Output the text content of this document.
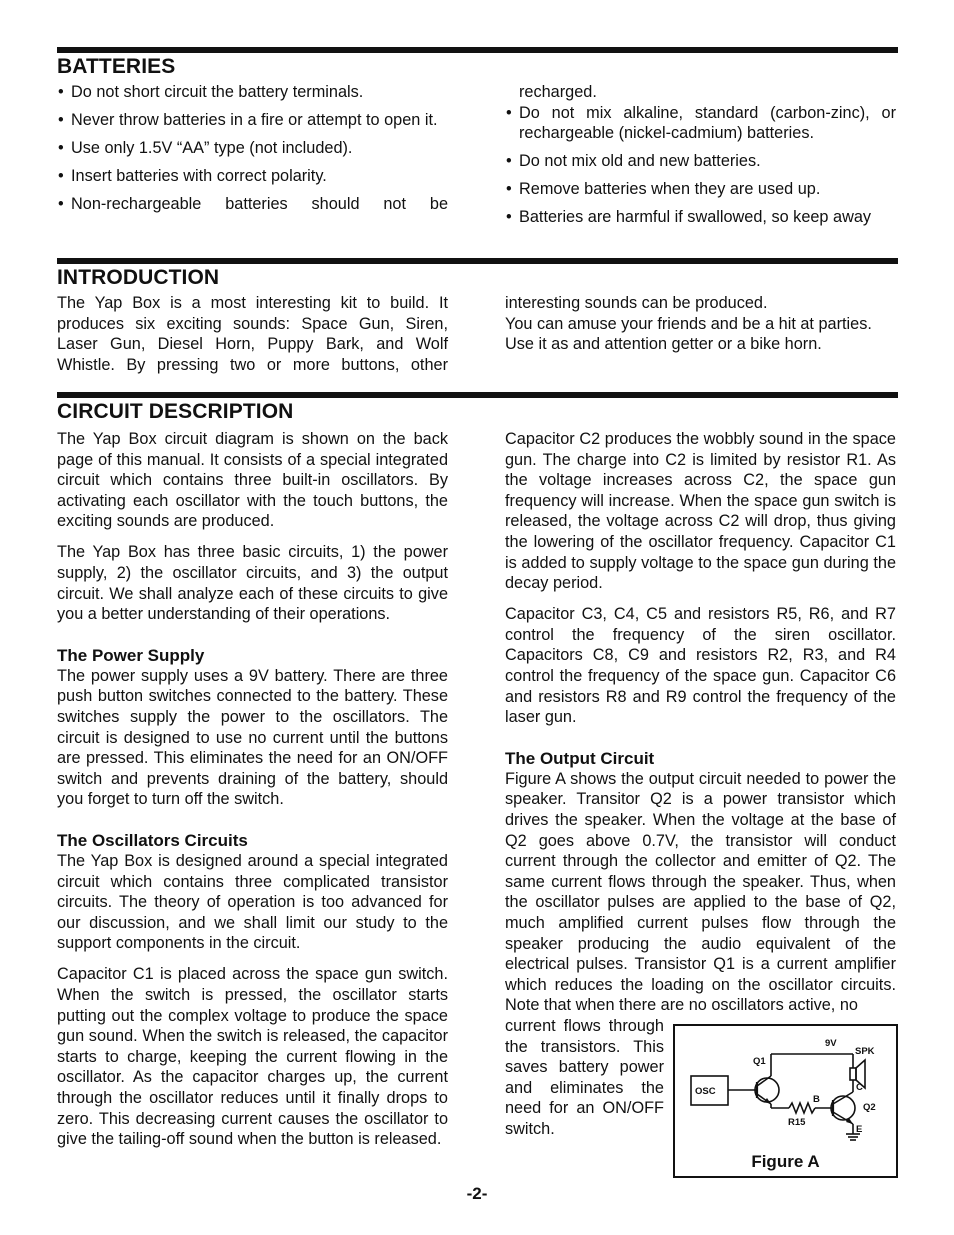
BATTERIES
• Do not short circuit the battery terminals.
• Never throw batteries in a fire or attempt to open it.
• Use only 1.5V “AA” type (not included).
• Insert batteries with correct polarity.
• Non-rechargeable batteries should not be
recharged.
• Do not mix alkaline, standard (carbon-zinc), or rechargeable (nickel-cadmium) batteries.
• Do not mix old and new batteries.
• Remove batteries when they are used up.
• Batteries are harmful if swallowed, so keep away
INTRODUCTION

The Yap Box is a most interesting kit to build. It produces six exciting sounds: Space Gun, Siren, Laser Gun, Diesel Horn, Puppy Bark, and Wolf Whistle. By pressing two or more buttons, other

interesting sounds can be produced.
You can amuse your friends and be a hit at parties.
Use it as and attention getter or a bike horn.
CIRCUIT DESCRIPTION

The Yap Box circuit diagram is shown on the back page of this manual. It consists of a special integrated circuit which contains three built-in oscillators. By activating each oscillator with the touch buttons, the exciting sounds are produced.

The Yap Box has three basic circuits, 1) the power supply, 2) the oscillator circuits, and 3) the output circuit. We shall analyze each of these circuits to give you a better understanding of their operations.

The Power Supply

The power supply uses a 9V battery. There are three push button switches connected to the battery. These switches supply the power to the oscillators. The circuit is designed to use no current until the buttons are pressed. This eliminates the need for an ON/OFF switch and prevents draining of the battery, should you forget to turn off the switch.

The Oscillators Circuits

The Yap Box is designed around a special integrated circuit which contains three complicated transistor circuits. The theory of operation is too advanced for our discussion, and we shall limit our study to the support components in the circuit.

Capacitor C1 is placed across the space gun switch. When the switch is pressed, the oscillator starts putting out the complex voltage to produce the space gun sound. When the switch is released, the capacitor starts to charge, keeping the current flowing in the oscillator. As the capacitor charges up, the current through the oscillator reduces until it finally drops to zero. This decreasing current causes the oscillator to give the tailing-off sound when the button is released.

Capacitor C2 produces the wobbly sound in the space gun. The charge into C2 is limited by resistor R1. As the voltage increases across C2, the space gun frequency will increase. When the space gun switch is released, the voltage across C2 will drop, thus giving the lowering of the oscillator frequency. Capacitor C1 is added to supply voltage to the space gun during the decay period.

Capacitor C3, C4, C5 and resistors R5, R6, and R7 control the frequency of the siren oscillator. Capacitors C8, C9 and resistors R2, R3, and R4 control the frequency of the space gun. Capacitor C6 and resistors R8 and R9 control the frequency of the laser gun.

The Output Circuit

Figure A shows the output circuit needed to power the speaker. Transitor Q2 is a power transistor which drives the speaker. When the voltage at the base of Q2 goes above 0.7V, the transistor will conduct current through the collector and emitter of Q2. The same current flows through the speaker. Thus, when the oscillator pulses are applied to the base of Q2, much amplified current pulses flow through the speaker producing the audio equivalent of the electrical pulses. Transistor Q1 is a current amplifier which reduces the loading on the oscillator circuits. Note that when there are no oscillators active, no

current flows through
the transistors. This
saves battery power
and eliminates the
need for an ON/OFF
switch.
9V
SPK
Q1
OSC	C
B
Q2
R15
E
Figure A
-2-
